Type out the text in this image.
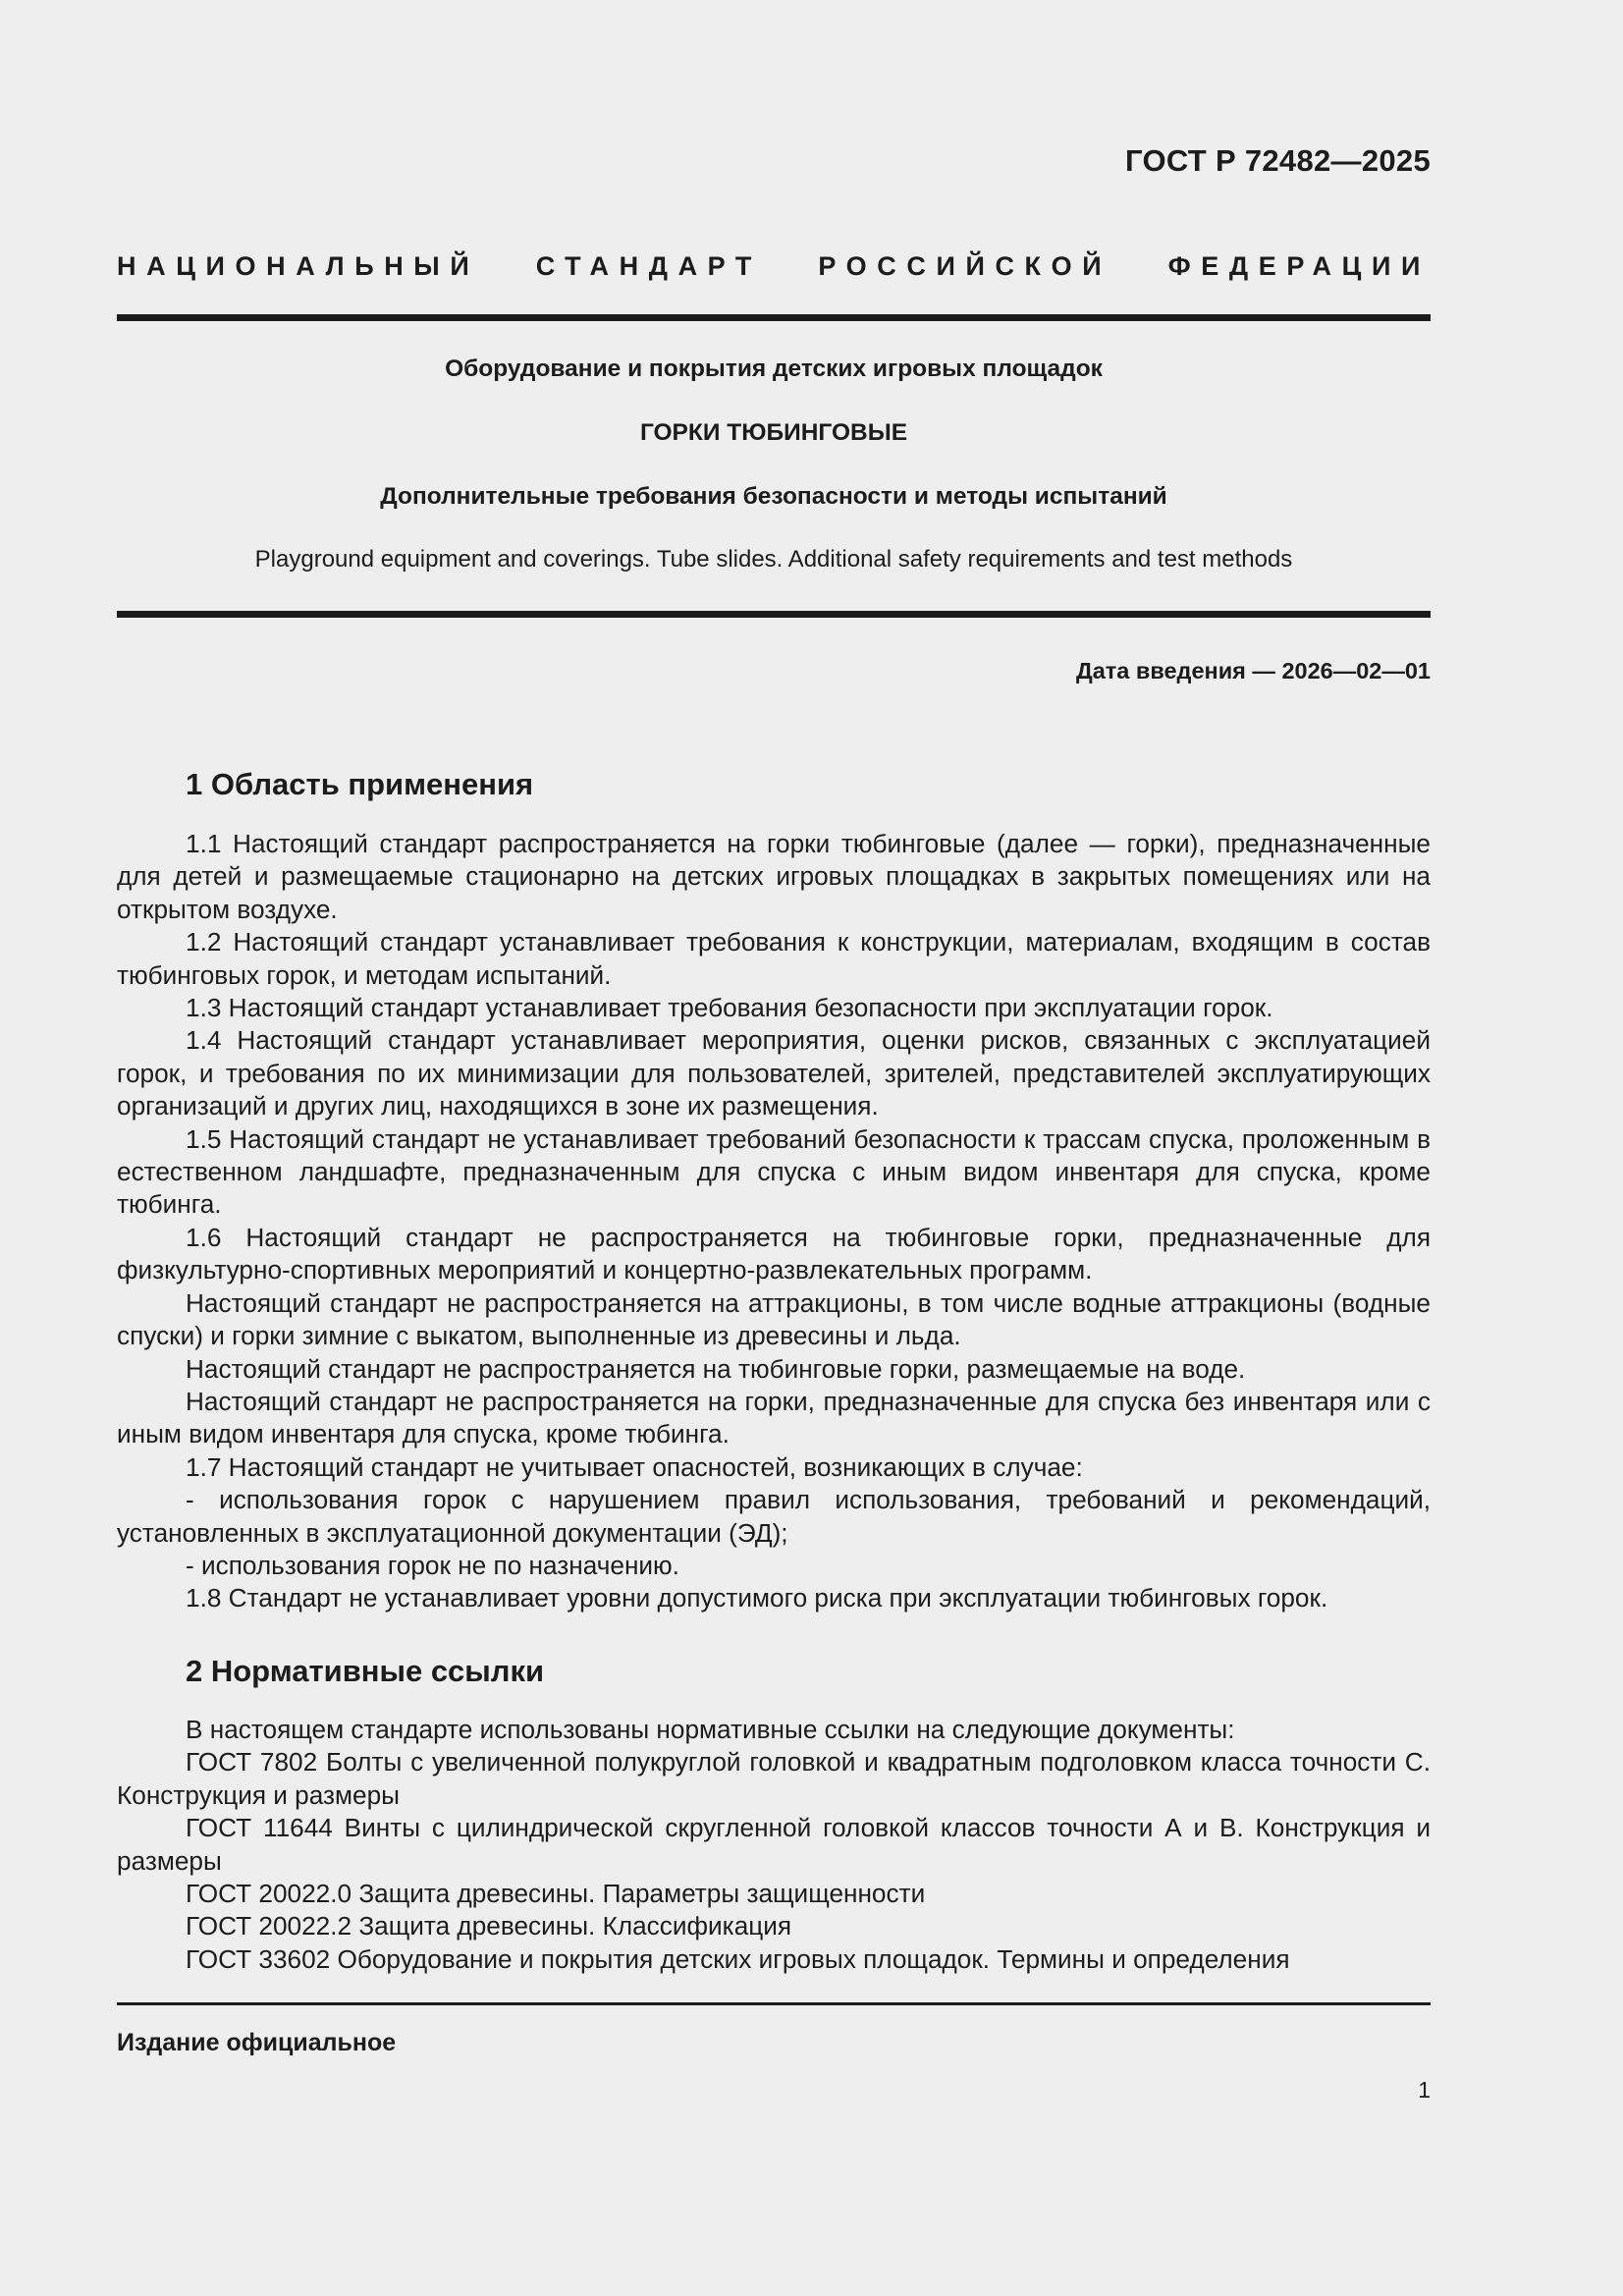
ГОСТ Р 72482—2025
НАЦИОНАЛЬНЫЙ СТАНДАРТ РОССИЙСКОЙ ФЕДЕРАЦИИ
Оборудование и покрытия детских игровых площадок
ГОРКИ ТЮБИНГОВЫЕ
Дополнительные требования безопасности и методы испытаний
Playground equipment and coverings. Tube slides. Additional safety requirements and test methods
Дата введения — 2026—02—01
1 Область применения

1.1 Настоящий стандарт распространяется на горки тюбинговые (далее — горки), предназначенные для детей и размещаемые стационарно на детских игровых площадках в закрытых помещениях или на открытом воздухе.

1.2 Настоящий стандарт устанавливает требования к конструкции, материалам, входящим в состав тюбинговых горок, и методам испытаний.

1.3 Настоящий стандарт устанавливает требования безопасности при эксплуатации горок.

1.4 Настоящий стандарт устанавливает мероприятия, оценки рисков, связанных с эксплуатацией горок, и требования по их минимизации для пользователей, зрителей, представителей эксплуатирующих организаций и других лиц, находящихся в зоне их размещения.

1.5 Настоящий стандарт не устанавливает требований безопасности к трассам спуска, проложенным в естественном ландшафте, предназначенным для спуска с иным видом инвентаря для спуска, кроме тюбинга.

1.6 Настоящий стандарт не распространяется на тюбинговые горки, предназначенные для физкультурно-спортивных мероприятий и концертно-развлекательных программ.

Настоящий стандарт не распространяется на аттракционы, в том числе водные аттракционы (водные спуски) и горки зимние с выкатом, выполненные из древесины и льда.

Настоящий стандарт не распространяется на тюбинговые горки, размещаемые на воде.

Настоящий стандарт не распространяется на горки, предназначенные для спуска без инвентаря или с иным видом инвентаря для спуска, кроме тюбинга.

1.7 Настоящий стандарт не учитывает опасностей, возникающих в случае:

- использования горок с нарушением правил использования, требований и рекомендаций, установленных в эксплуатационной документации (ЭД);

- использования горок не по назначению.

1.8 Стандарт не устанавливает уровни допустимого риска при эксплуатации тюбинговых горок.

2 Нормативные ссылки

В настоящем стандарте использованы нормативные ссылки на следующие документы:

ГОСТ 7802 Болты с увеличенной полукруглой головкой и квадратным подголовком класса точности С. Конструкция и размеры

ГОСТ 11644 Винты с цилиндрической скругленной головкой классов точности А и В. Конструкция и размеры

ГОСТ 20022.0 Защита древесины. Параметры защищенности

ГОСТ 20022.2 Защита древесины. Классификация

ГОСТ 33602 Оборудование и покрытия детских игровых площадок. Термины и определения

Издание официальное
1
